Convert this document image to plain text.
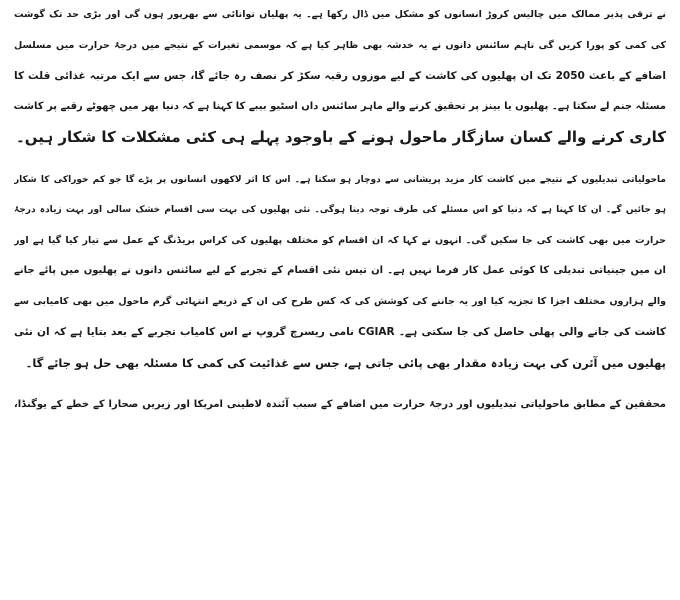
نے ترقی پذیر ممالک میں چالیس کروڑ انسانوں کو مشکل میں ڈال رکھا ہے۔ یہ پھلیاں توانائی سے بھرپور ہوں گی اور بڑی حد تک گوشت
کی کمی کو پورا کریں گی تاہم سائنس دانوں نے یہ خدشہ بھی ظاہر کیا ہے کہ موسمی تغیرات کے نتیجے میں درجۂ حرارت میں مسلسل
اضافے کے باعث 2050 تک ان پھلیوں کی کاشت کے لیے موزوں رقبہ سکڑ کر نصف رہ جائے گا، جس سے ایک مرتبہ غذائی قلت کا
مسئلہ جنم لے سکتا ہے۔ پھلیوں یا بینز پر تحقیق کرنے والے ماہر سائنس داں اسٹیو بیبے کا کہنا ہے کہ دنیا بھر میں چھوٹے رقبے پر کاشت
کاری کرنے والے کسان سازگار ماحول ہونے کے باوجود پہلے ہی کئی مشکلات کا شکار ہیں۔
ماحولیاتی تبدیلیوں کے نتیجے میں کاشت کار مزید پریشانی سے دوچار ہو سکتا ہے۔ اس کا اثر لاکھوں انسانوں پر پڑے گا جو کم خوراکی کا شکار
ہو جائیں گے۔ ان کا کہنا ہے کہ دنیا کو اس مسئلے کی طرف توجہ دینا ہوگی۔ نئی پھلیوں کی بہت سی اقسام خشک سالی اور بہت زیادہ درجۂ
حرارت میں بھی کاشت کی جا سکیں گی۔ انہوں نے کہا کہ ان اقسام کو مختلف پھلیوں کی کراس بریڈنگ کے عمل سے تیار کیا گیا ہے اور
ان میں جینیاتی تبدیلی کا کوئی عمل کار فرما نہیں ہے۔ ان تیس نئی اقسام کے تجربے کے لیے سائنس دانوں نے پھلیوں میں پائے جانے
والے ہزاروں مختلف اجزا کا تجزیہ کیا اور یہ جاننے کی کوشش کی کہ کس طرح کی ان کے ذریعے انتہائی گرم ماحول میں بھی کامیابی سے
کاشت کی جانے والی پھلی حاصل کی جا سکتی ہے۔ CGIAR نامی ریسرچ گروپ نے اس کامیاب تجربے کے بعد بتایا ہے کہ ان نئی
پھلیوں میں آئرن کی بہت زیادہ مقدار بھی پائی جاتی ہے، جس سے غذائیت کی کمی کا مسئلہ بھی حل ہو جائے گا۔
محققین کے مطابق ماحولیاتی تبدیلیوں اور درجۂ حرارت میں اضافے کے سبب آئندہ لاطینی امریکا اور زیریں صحارا کے خطے کے یوگنڈا،
